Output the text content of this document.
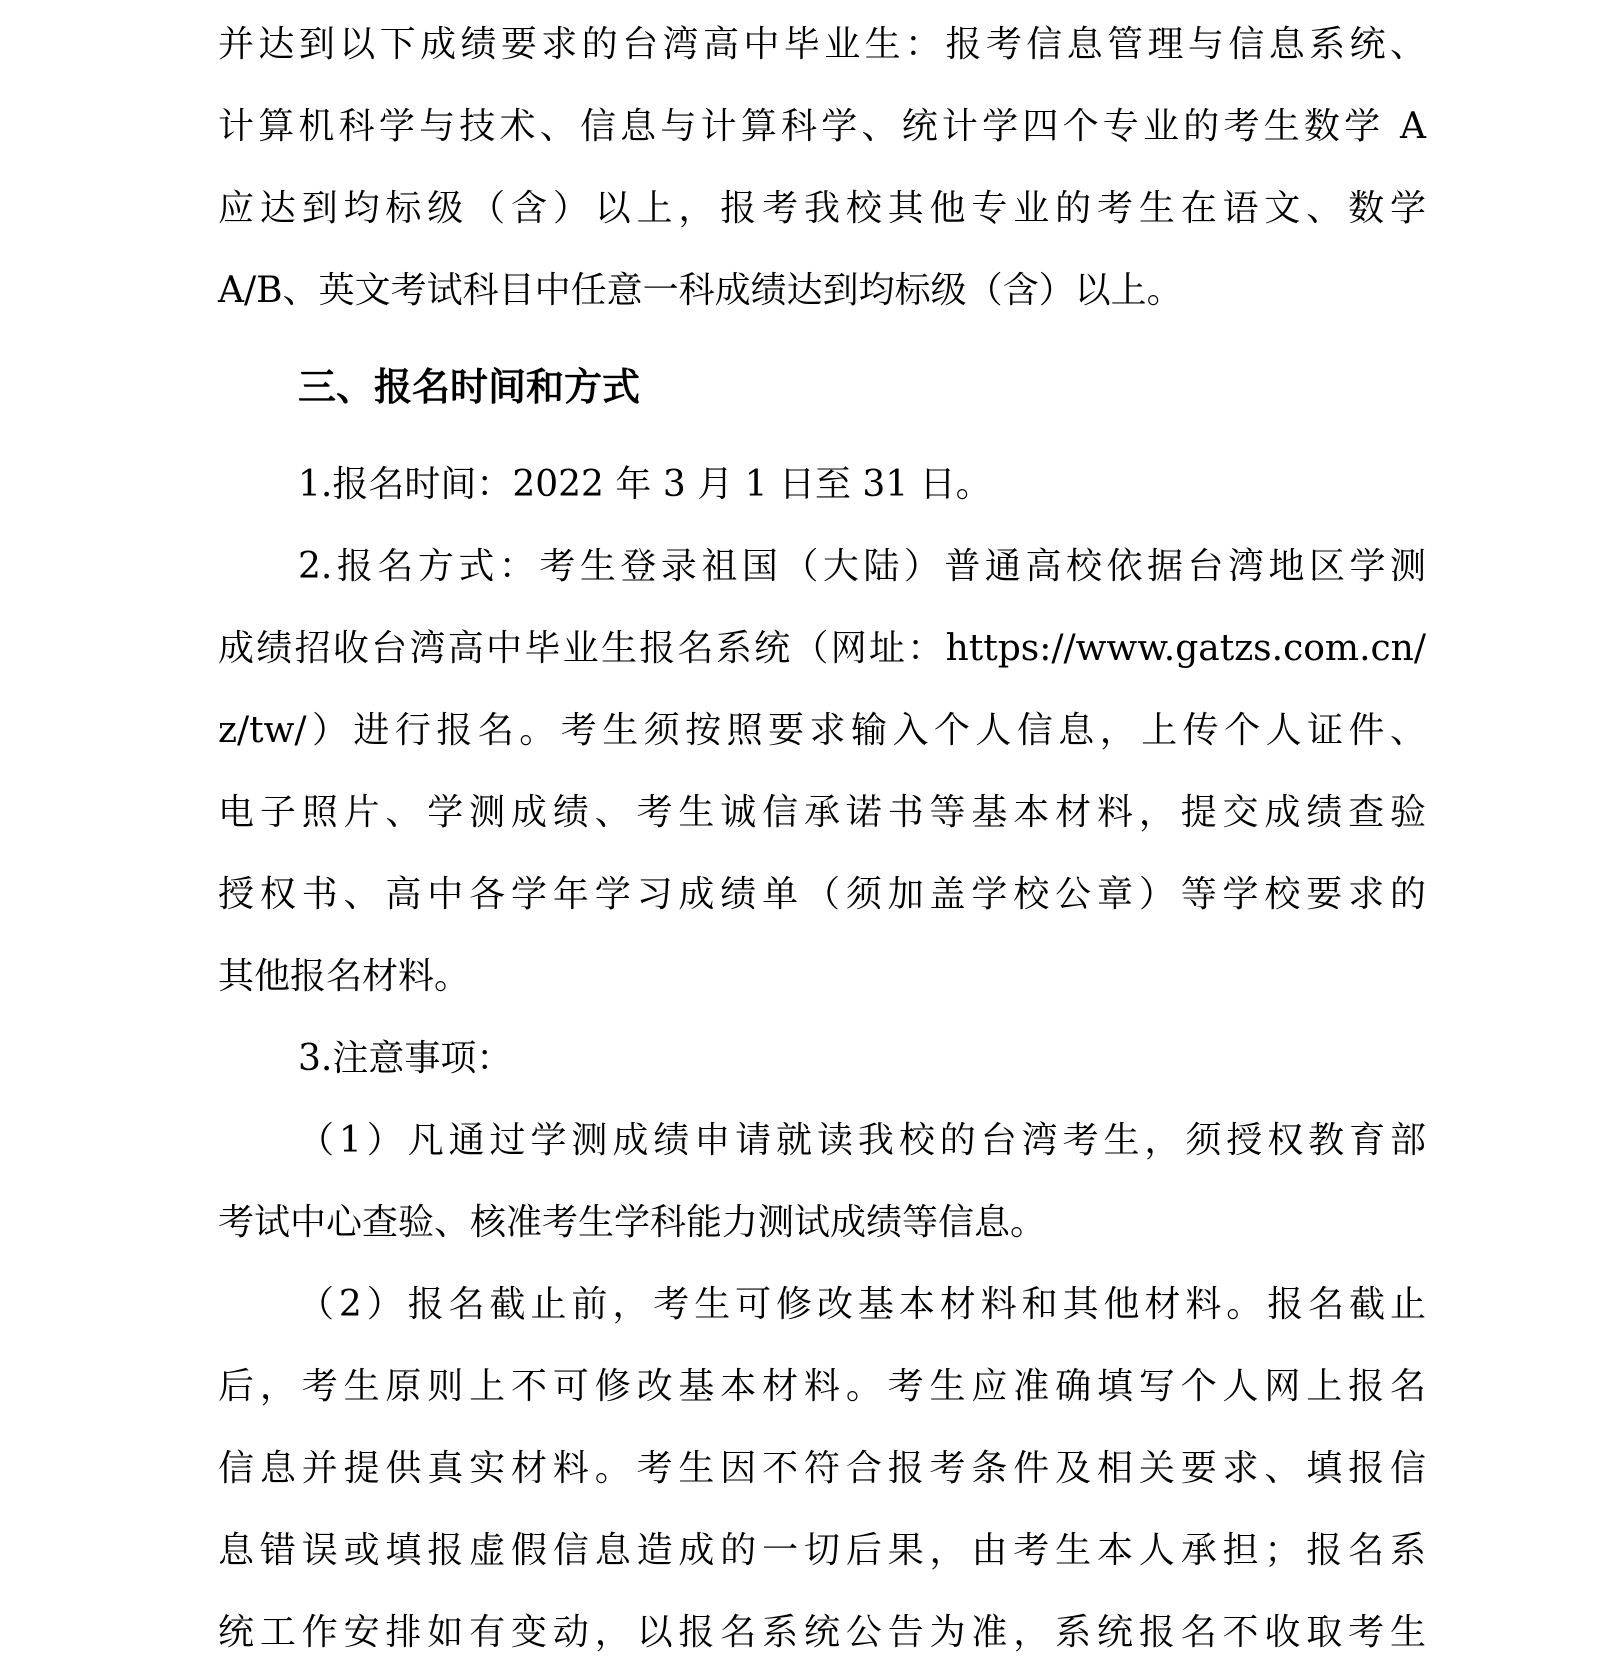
并达到以下成绩要求的台湾高中毕业生：报考信息管理与信息系统、
计算机科学与技术、信息与计算科学、统计学四个专业的考生数学 A
应达到均标级（含）以上，报考我校其他专业的考生在语文、数学
A/B、英文考试科目中任意一科成绩达到均标级（含）以上。
三、报名时间和方式
1.报名时间：2022 年 3 月 1 日至 31 日。
2.报名方式：考生登录祖国（大陆）普通高校依据台湾地区学测
成绩招收台湾高中毕业生报名系统（网址：https://www.gatzs.com.cn/
z/tw/）进行报名。考生须按照要求输入个人信息，上传个人证件、
电子照片、学测成绩、考生诚信承诺书等基本材料，提交成绩查验
授权书、高中各学年学习成绩单（须加盖学校公章）等学校要求的
其他报名材料。
3.注意事项：
（1）凡通过学测成绩申请就读我校的台湾考生，须授权教育部
考试中心查验、核准考生学科能力测试成绩等信息。
（2）报名截止前，考生可修改基本材料和其他材料。报名截止
后，考生原则上不可修改基本材料。考生应准确填写个人网上报名
信息并提供真实材料。考生因不符合报考条件及相关要求、填报信
息错误或填报虚假信息造成的一切后果，由考生本人承担；报名系
统工作安排如有变动，以报名系统公告为准，系统报名不收取考生
